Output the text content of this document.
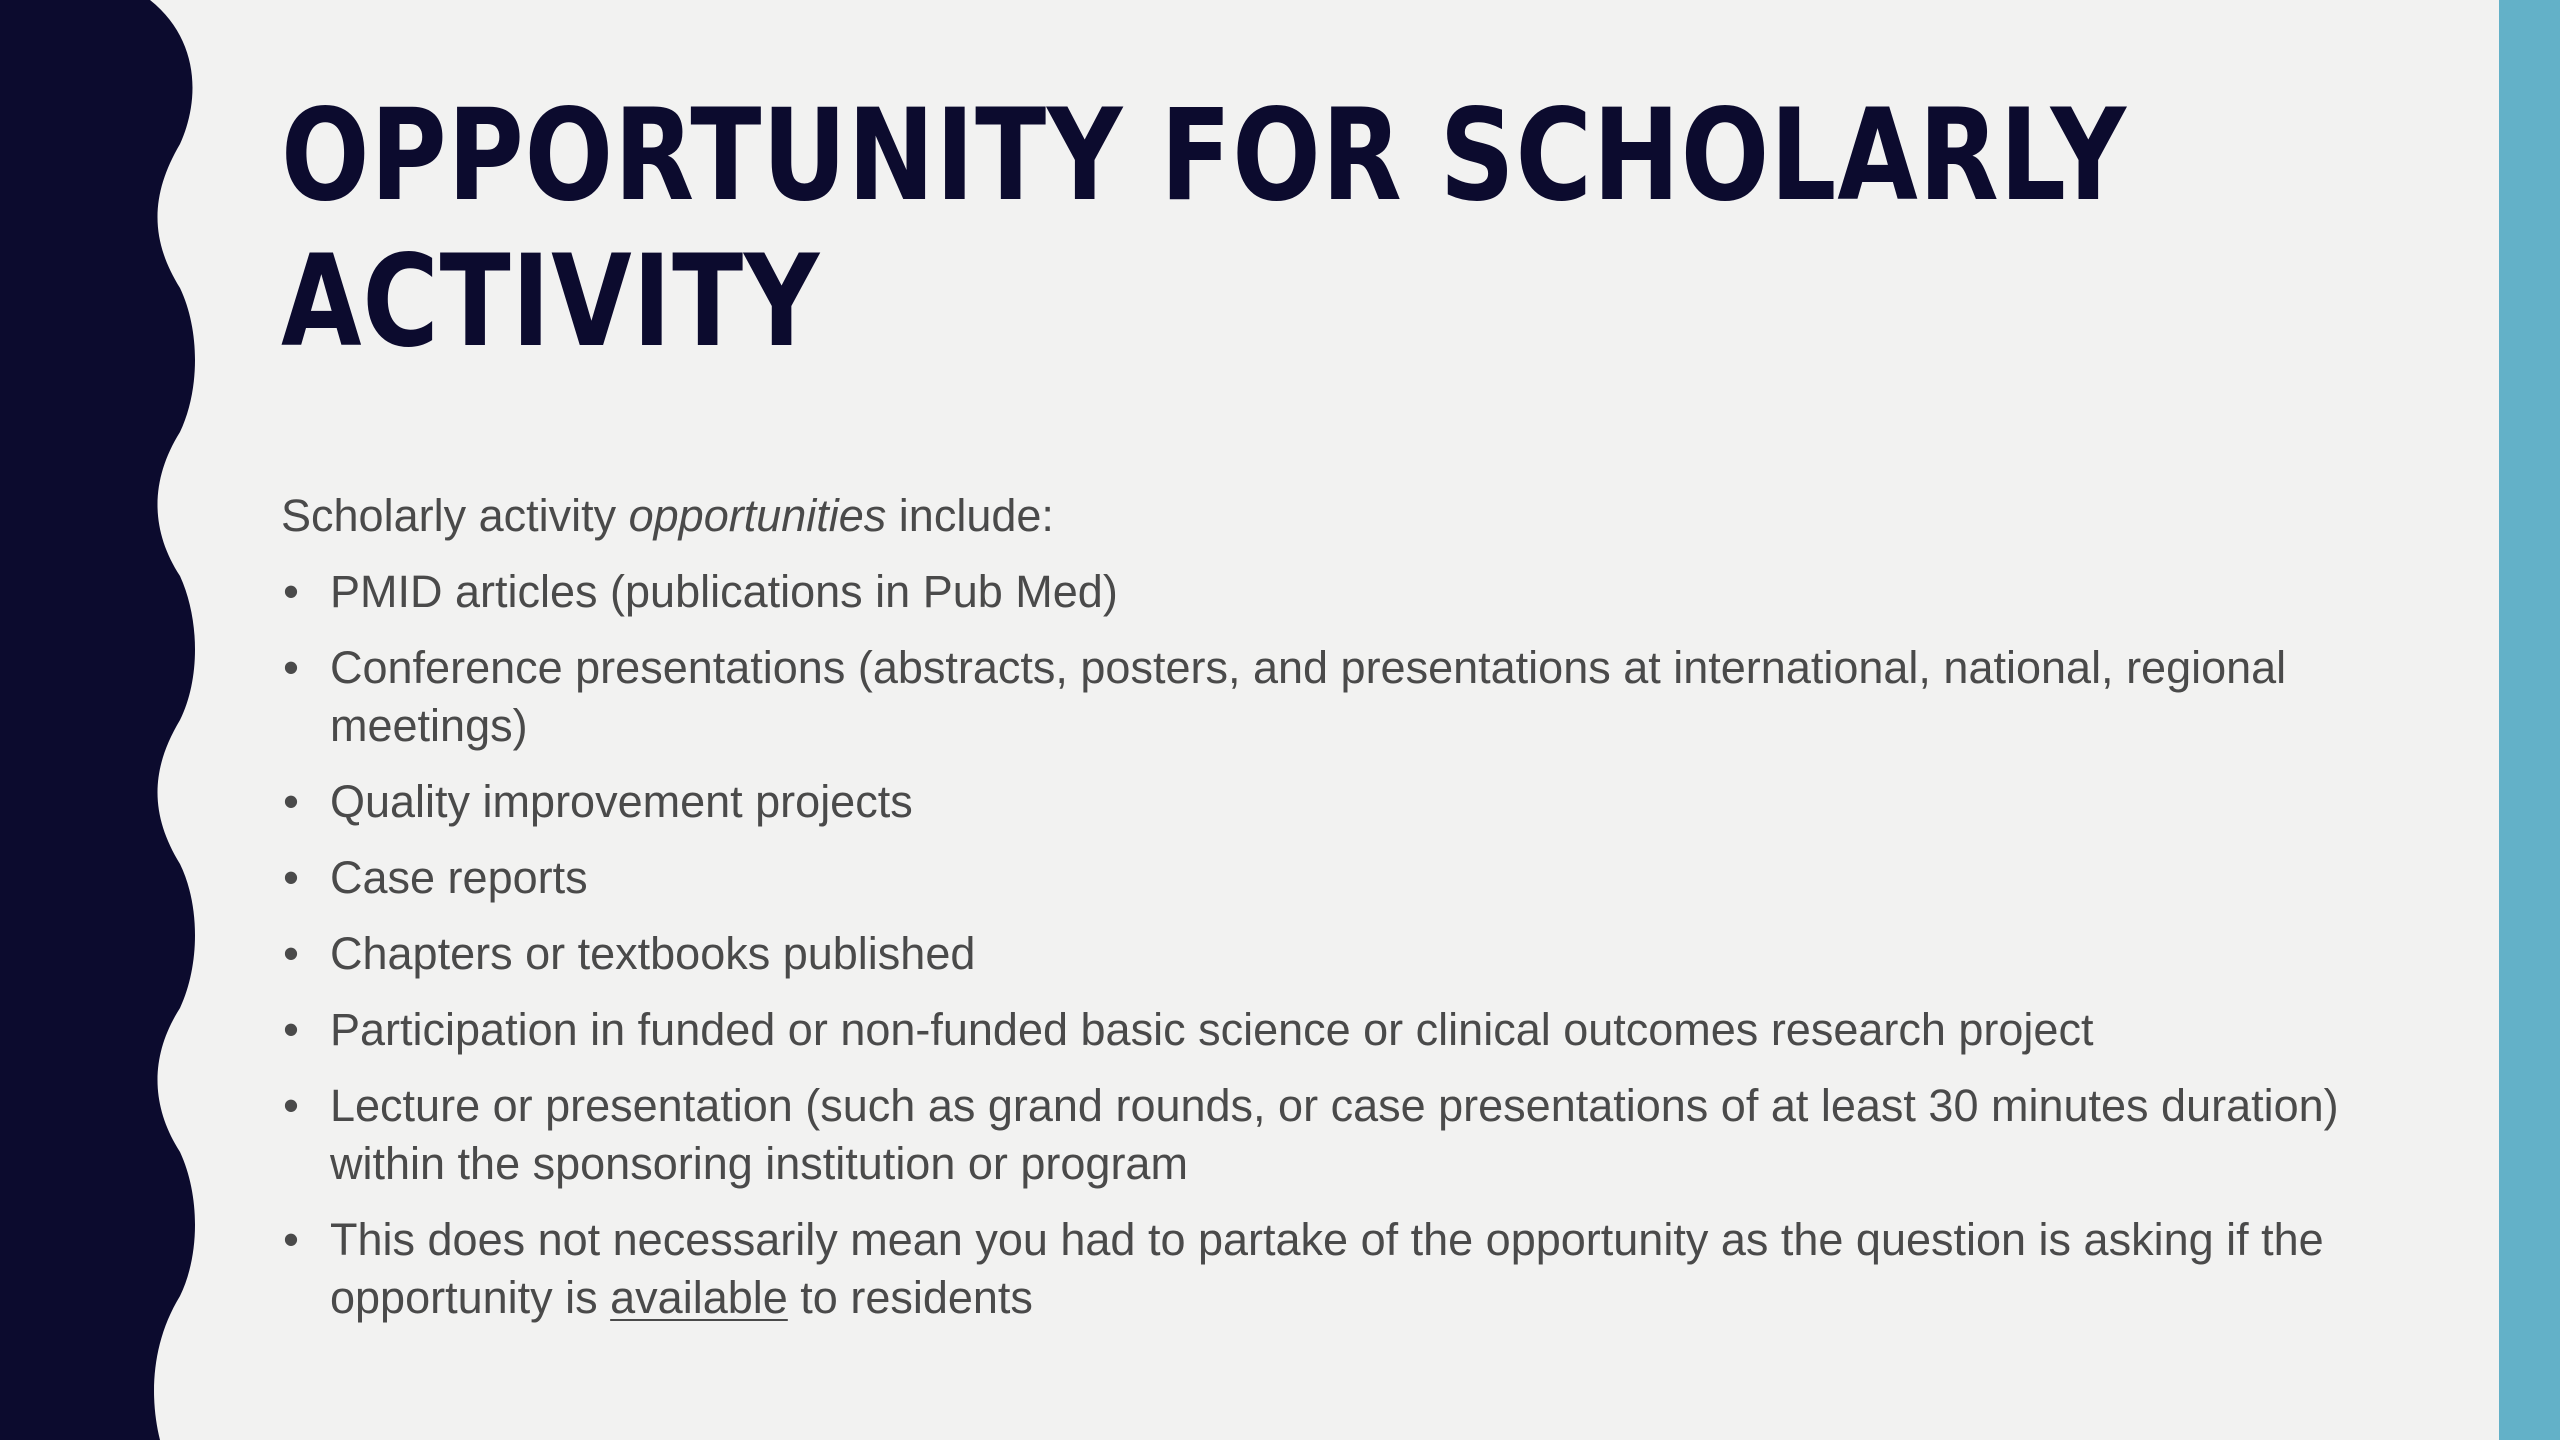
OPPORTUNITY FOR SCHOLARLY
ACTIVITY

Scholarly activity opportunities include:

• PMID articles (publications in Pub Med)
• Conference presentations (abstracts, posters, and presentations at international, national, regional meetings)
• Quality improvement projects
• Case reports
• Chapters or textbooks published
• Participation in funded or non-funded basic science or clinical outcomes research project
• Lecture or presentation (such as grand rounds, or case presentations of at least 30 minutes duration) within the sponsoring institution or program
• This does not necessarily mean you had to partake of the opportunity as the question is asking if the opportunity is available to residents
